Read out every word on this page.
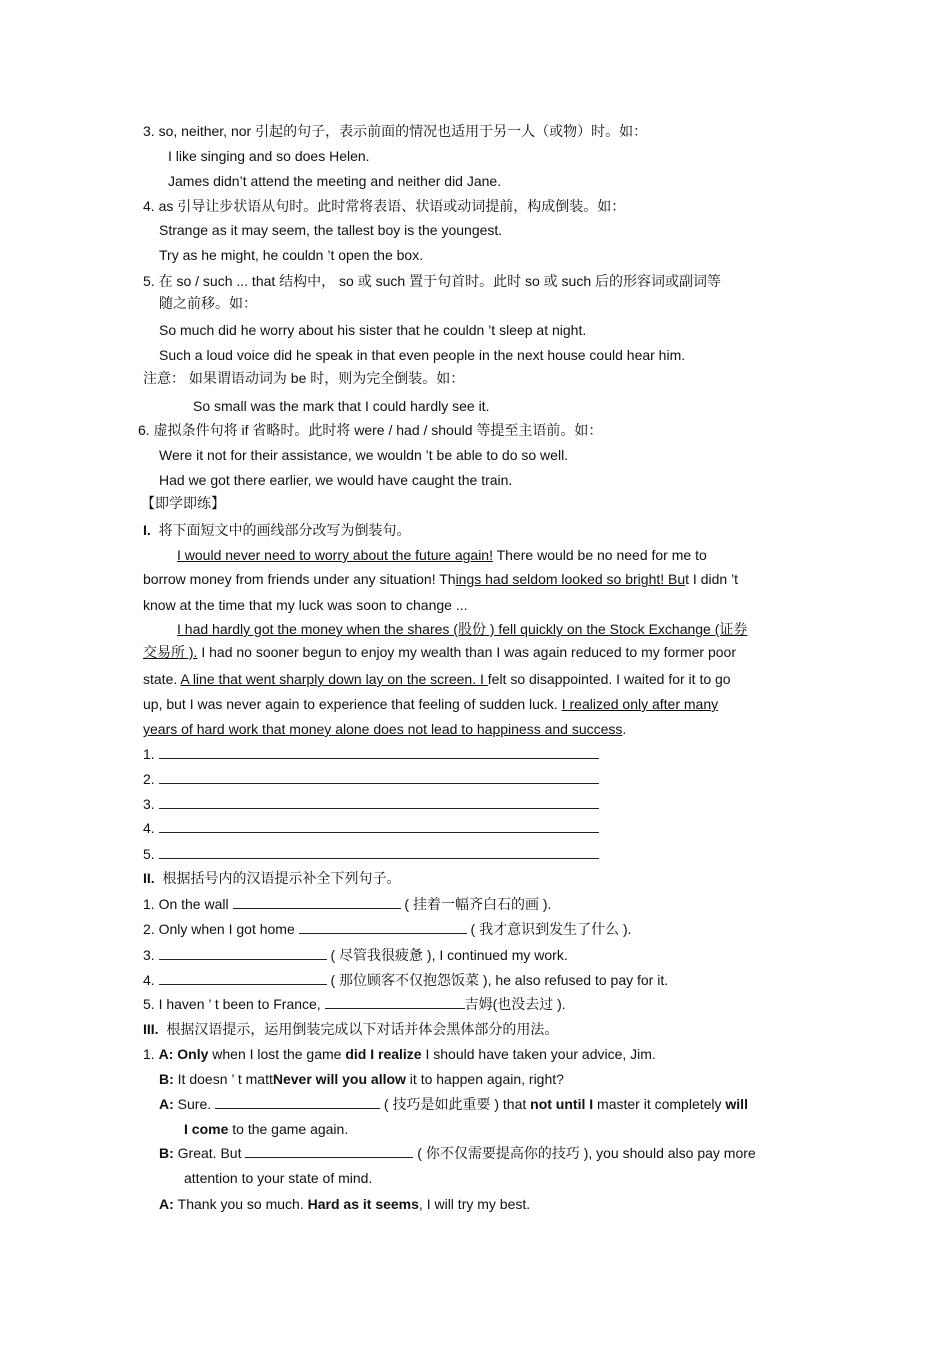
3. so, neither, nor 引起的句子，表示前面的情况也适用于另一人（或物）时。如：
I like singing and so does Helen.
James didn’t attend the meeting and neither did Jane.
4. as 引导让步状语从句时。此时常将表语、状语或动词提前，构成倒装。如：
Strange as it may seem, the tallest boy is the youngest.
Try as he might, he couldn ’t open the box.
5. 在 so / such ... that 结构中， so 或 such 置于句首时。此时 so 或 such 后的形容词或副词等
随之前移。如：
So much did he worry about his sister that he couldn ’t sleep at night.
Such a loud voice did he speak in that even people in the next house could hear him.
注意： 如果谓语动词为 be 时，则为完全倒装。如：
So small was the mark that I could hardly see it.
6. 虚拟条件句将 if 省略时。此时将 were / had / should 等提至主语前。如：
Were it not for their assistance, we wouldn ’t be able to do so well.
Had we got there earlier, we would have caught the train.
【即学即练】
I. 将下面短文中的画线部分改写为倒装句。
I would never need to worry about the future again! There would be no need for me to
borrow money from friends under any situation! Things had seldom looked so bright! But I didn ’t
know at the time that my luck was soon to change ...
I had hardly got the money when the shares (股份 ) fell quickly on the Stock Exchange (证券
交易所 ). I had no sooner begun to enjoy my wealth than I was again reduced to my former poor
state. A line that went sharply down lay on the screen. I felt so disappointed. I waited for it to go
up, but I was never again to experience that feeling of sudden luck. I realized only after many
years of hard work that money alone does not lead to happiness and success.
1.
2.
3.
4.
5.
II. 根据括号内的汉语提示补全下列句子。
1. On the wall	( 挂着一幅齐白石的画 ).
2. Only when I got home	( 我才意识到发生了什么 ).
3.	( 尽管我很疲惫 ), I continued my work.
4.	( 那位顾客不仅抱怨饭菜 ), he also refused to pay for it.
5. I haven ’ t been to France,	吉姆(也没去过 ).
III. 根据汉语提示，运用倒装完成以下对话并体会黑体部分的用法。
1. A: Only when I lost the game did I realize I should have taken your advice, Jim.
B: It doesn ’ t mattNever will you allow it to happen again, right?
A: Sure.	( 技巧是如此重要 ) that not until I master it completely will
I come to the game again.
B: Great. But	( 你不仅需要提高你的技巧 ), you should also pay more
attention to your state of mind.
A: Thank you so much. Hard as it seems, I will try my best.
